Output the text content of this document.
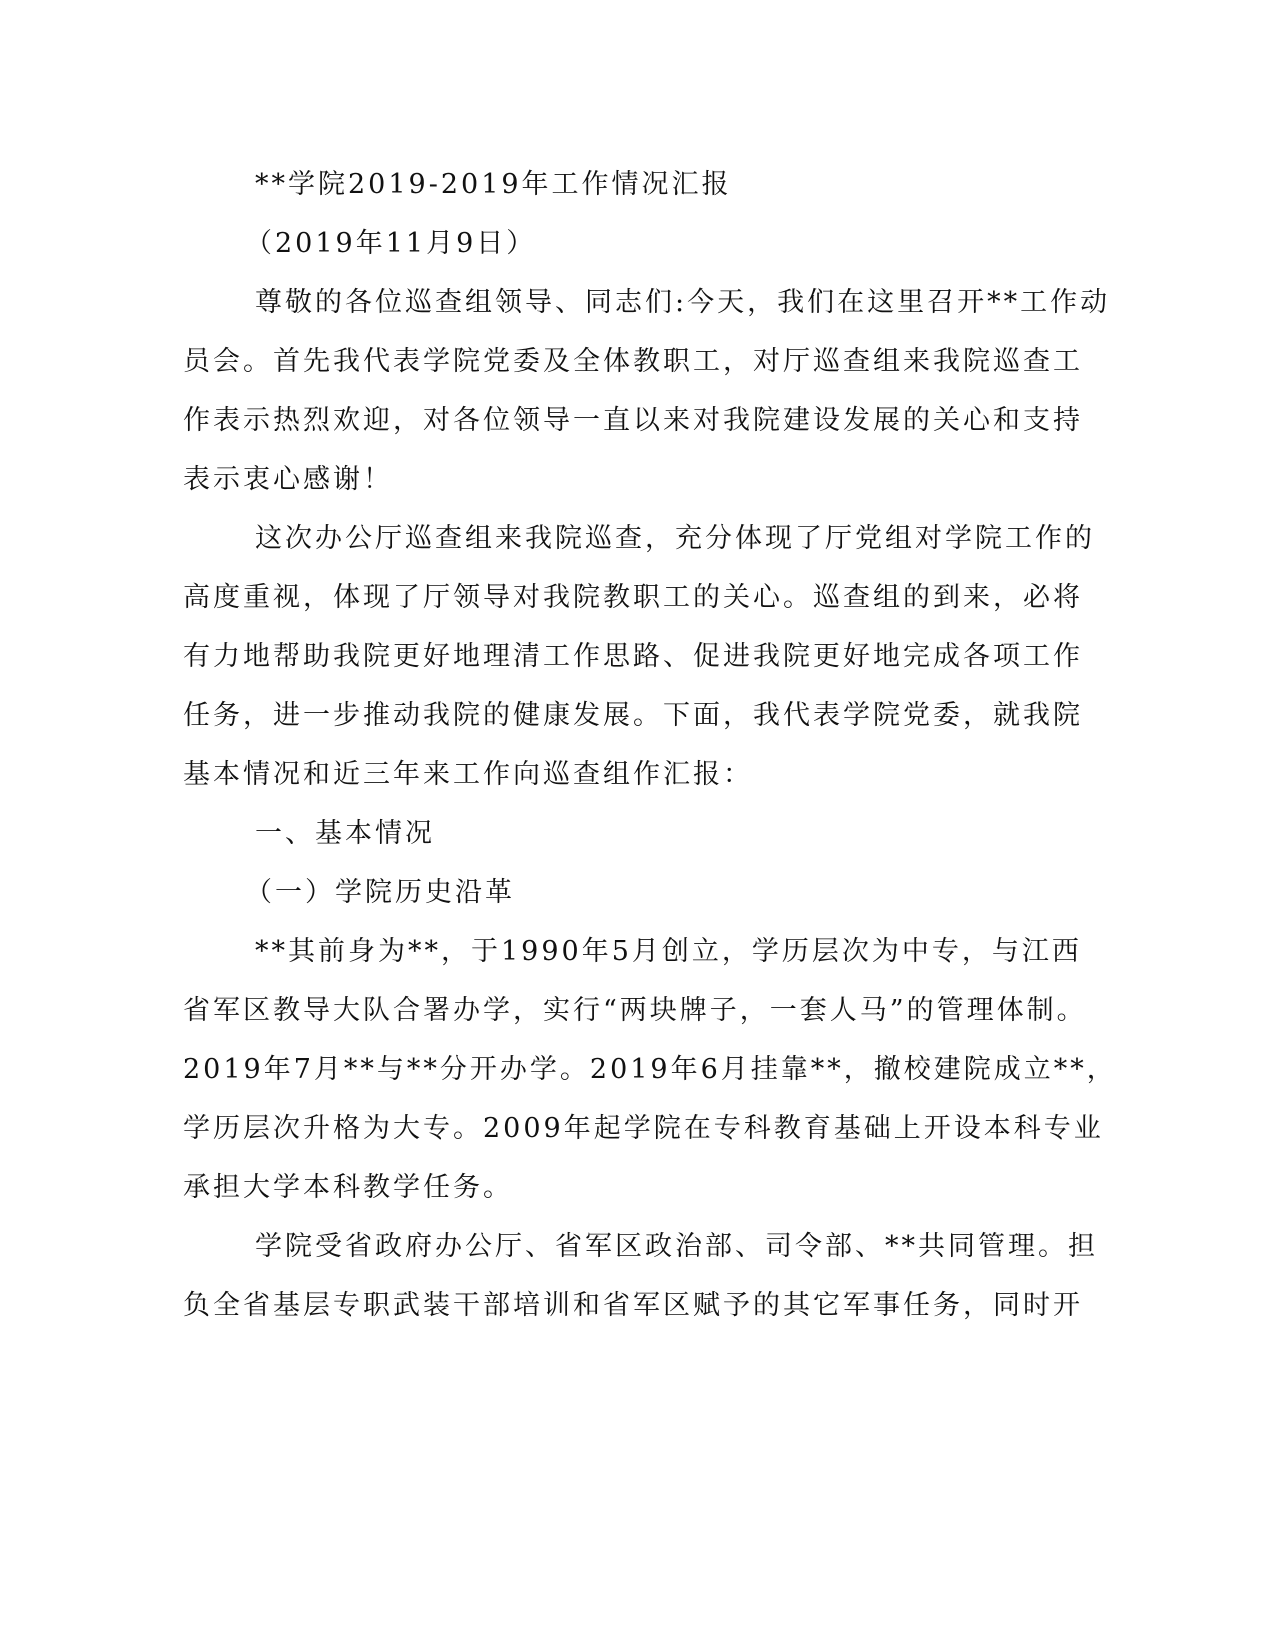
**学院2019-2019年工作情况汇报
（2019年11月9日）
尊敬的各位巡查组领导、同志们:今天，我们在这里召开**工作动
员会。首先我代表学院党委及全体教职工，对厅巡查组来我院巡查工
作表示热烈欢迎，对各位领导一直以来对我院建设发展的关心和支持
表示衷心感谢！
这次办公厅巡查组来我院巡查，充分体现了厅党组对学院工作的
高度重视，体现了厅领导对我院教职工的关心。巡查组的到来，必将
有力地帮助我院更好地理清工作思路、促进我院更好地完成各项工作
任务，进一步推动我院的健康发展。下面，我代表学院党委，就我院
基本情况和近三年来工作向巡查组作汇报：
一、基本情况
（一）学院历史沿革
**其前身为**，于1990年5月创立，学历层次为中专，与江西
省军区教导大队合署办学，实行“两块牌子，一套人马”的管理体制。
2019年7月**与**分开办学。2019年6月挂靠**，撤校建院成立**，
学历层次升格为大专。2009年起学院在专科教育基础上开设本科专业
承担大学本科教学任务。
学院受省政府办公厅、省军区政治部、司令部、**共同管理。担
负全省基层专职武装干部培训和省军区赋予的其它军事任务，同时开
